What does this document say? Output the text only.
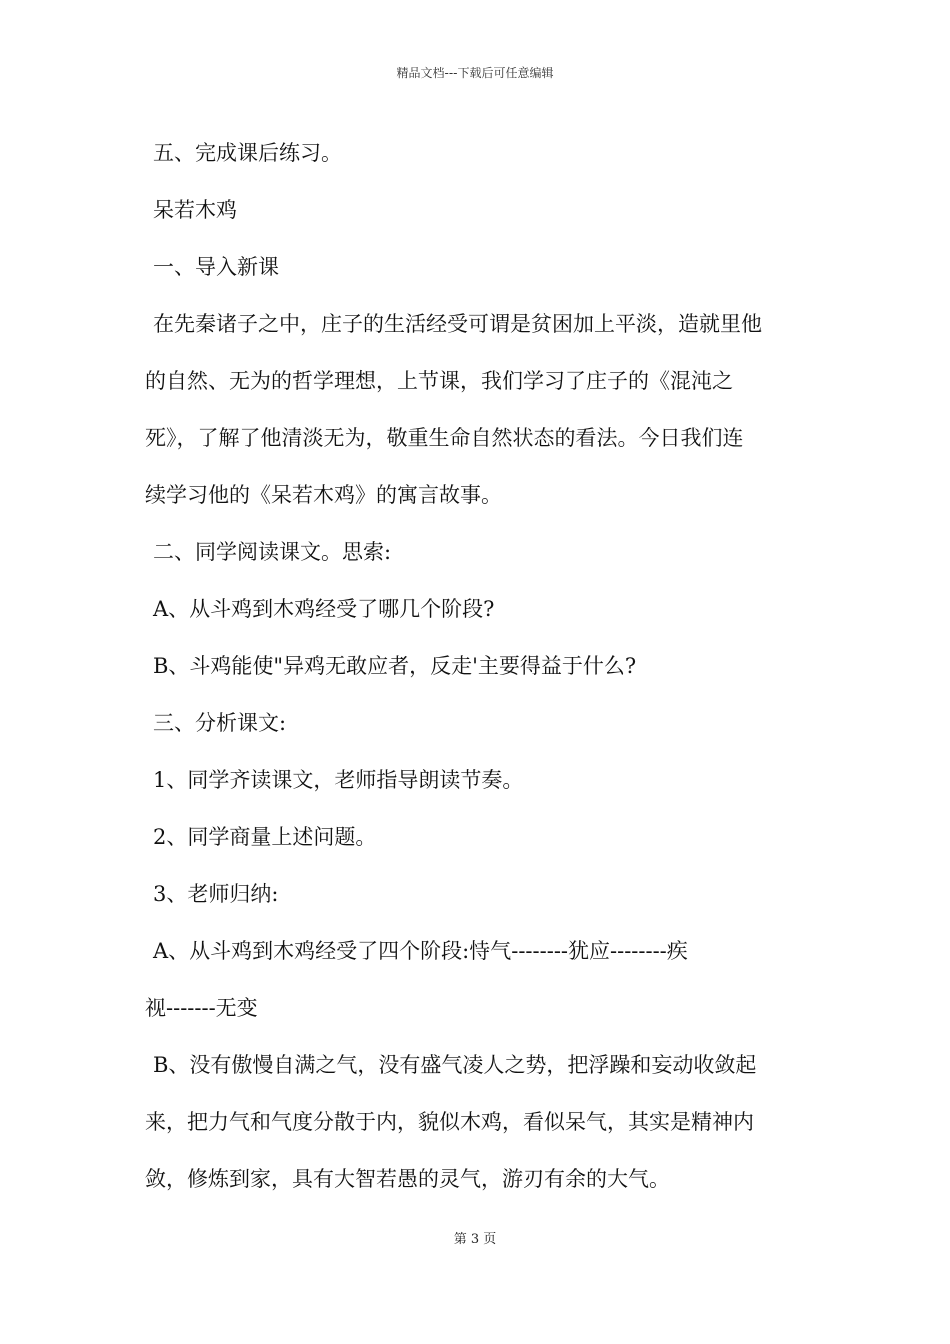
精品文档---下载后可任意编辑
五、完成课后练习。
呆若木鸡
一、导入新课
在先秦诸子之中，庄子的生活经受可谓是贫困加上平淡，造就里他
的自然、无为的哲学理想，上节课，我们学习了庄子的《混沌之
死》，了解了他清淡无为，敬重生命自然状态的看法。今日我们连
续学习他的《呆若木鸡》的寓言故事。
二、同学阅读课文。思索:
A、从斗鸡到木鸡经受了哪几个阶段?
B、斗鸡能使"异鸡无敢应者，反走'主要得益于什么?
三、分析课文:
1、同学齐读课文，老师指导朗读节奏。
2、同学商量上述问题。
3、老师归纳:
A、从斗鸡到木鸡经受了四个阶段:恃气--------犹应--------疾
视-------无变
B、没有傲慢自满之气，没有盛气凌人之势，把浮躁和妄动收敛起
来，把力气和气度分散于内，貌似木鸡，看似呆气，其实是精神内
敛，修炼到家，具有大智若愚的灵气，游刃有余的大气。
第 3 页
